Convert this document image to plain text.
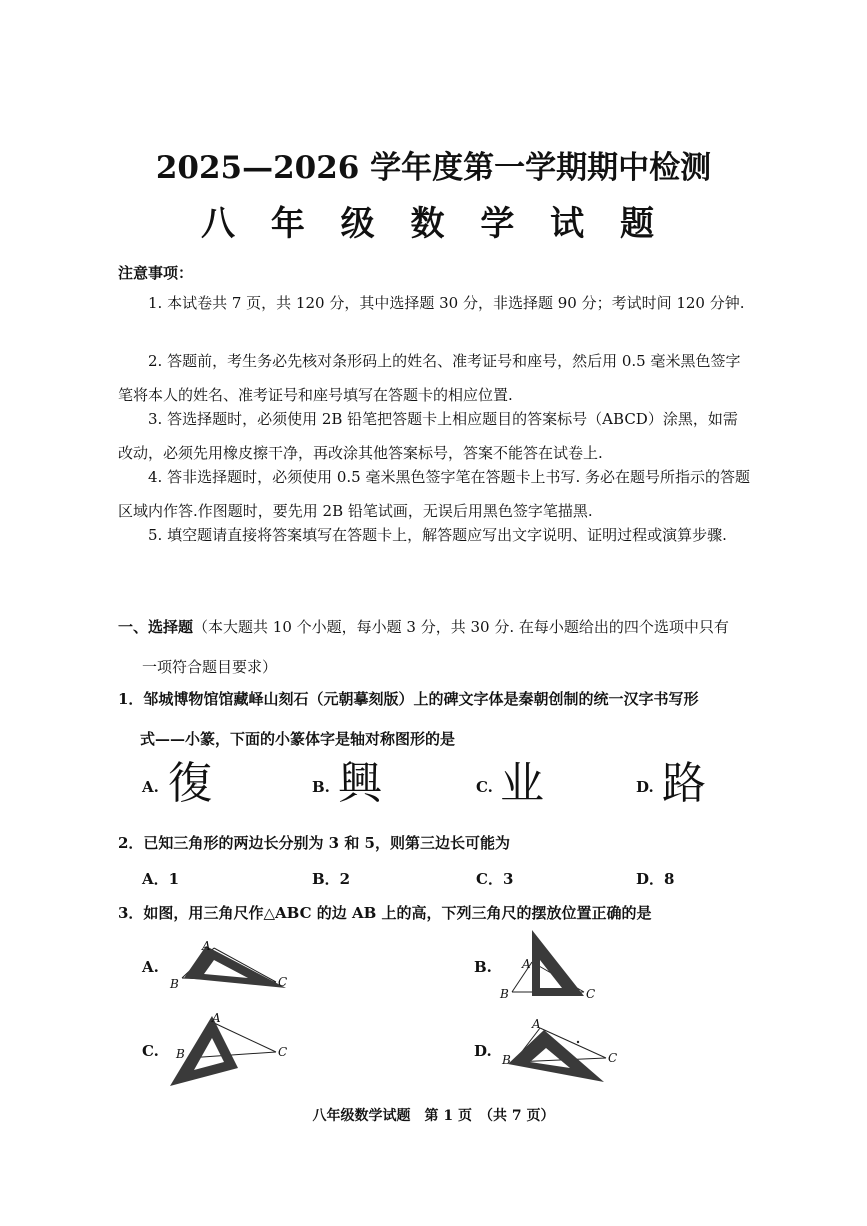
2025—2026 学年度第一学期期中检测
八 年 级 数 学 试 题
注意事项：
1. 本试卷共 7 页，共 120 分，其中选择题 30 分，非选择题 90 分；考试时间 120 分钟.
2. 答题前，考生务必先核对条形码上的姓名、准考证号和座号，然后用 0.5 毫米黑色签字笔将本人的姓名、准考证号和座号填写在答题卡的相应位置.
3. 答选择题时，必须使用 2B 铅笔把答题卡上相应题目的答案标号（ABCD）涂黑，如需改动，必须先用橡皮擦干净，再改涂其他答案标号，答案不能答在试卷上.
4. 答非选择题时，必须使用 0.5 毫米黑色签字笔在答题卡上书写. 务必在题号所指示的答题区域内作答.作图题时，要先用 2B 铅笔试画，无误后用黑色签字笔描黑.
5. 填空题请直接将答案填写在答题卡上，解答题应写出文字说明、证明过程或演算步骤.
一、选择题（本大题共 10 个小题，每小题 3 分，共 30 分. 在每小题给出的四个选项中只有
一项符合题目要求）
1．邹城博物馆馆藏峄山刻石（元朝摹刻版）上的碑文字体是秦朝创制的统一汉字书写形
式——小篆，下面的小篆体字是轴对称图形的是
A. 復	B. 興	C. 业	D. 路
2．已知三角形的两边长分别为 3 和 5，则第三边长可能为
A．1	B．2	C．3	D．8
3．如图，用三角尺作△ABC 的边 AB 上的高，下列三角尺的摆放位置正确的是
A.	B.
C.	D.
A
B	C
A
B	C
A
B	C
A
B	C
八年级数学试题　第 1 页　（共 7 页）
